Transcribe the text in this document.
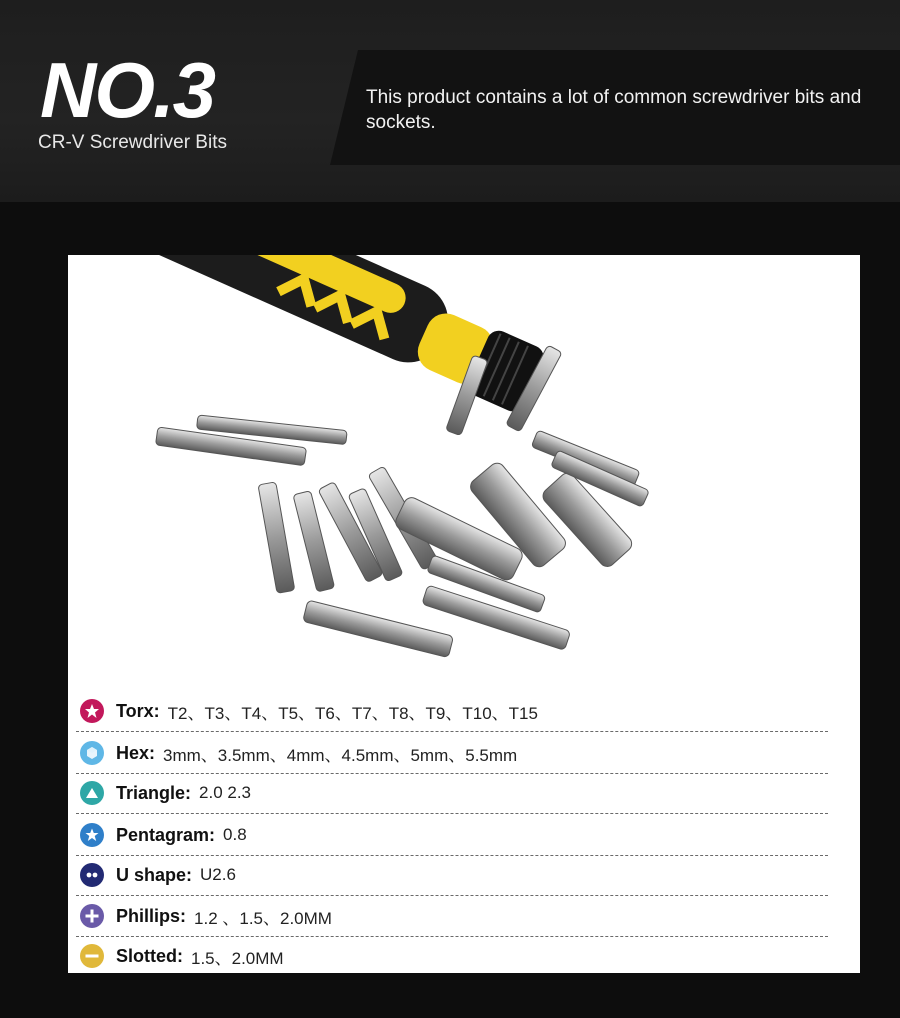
NO.3
CR-V Screwdriver Bits
This product contains a lot of common screwdriver bits and sockets.
Torx: T2、T3、T4、T5、T6、T7、T8、T9、T10、T15
Hex: 3mm、3.5mm、4mm、4.5mm、5mm、5.5mm
Triangle: 2.0 2.3
Pentagram: 0.8
U shape: U2.6
Phillips: 1.2 、1.5、2.0MM
Slotted: 1.5、2.0MM
